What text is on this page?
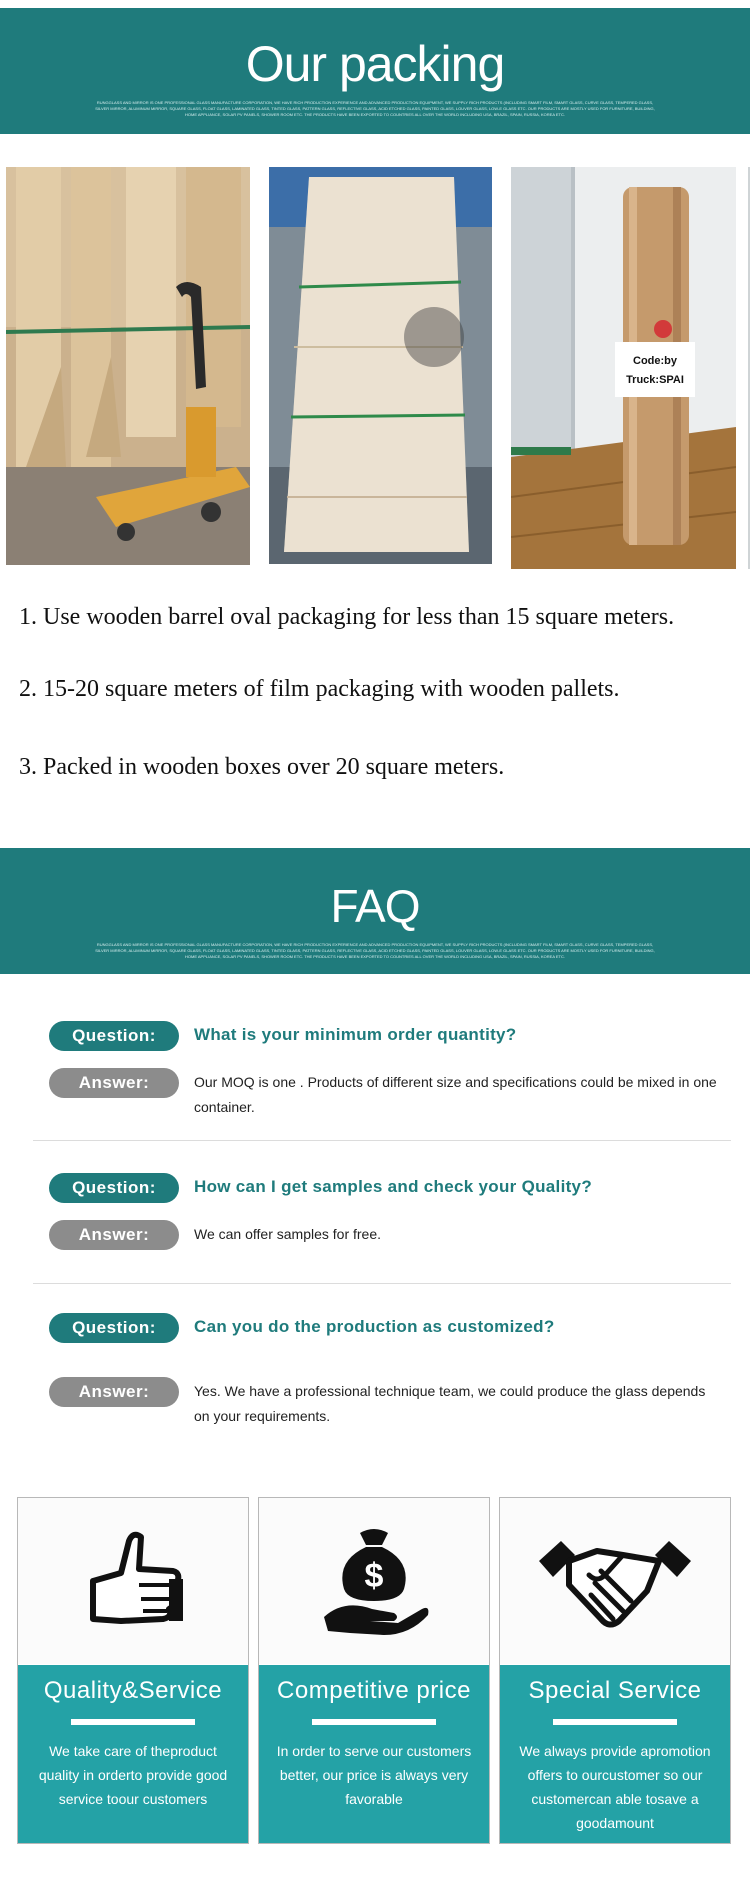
Our packing
RUNGGLASS AND MIRROR IS ONE PROFESSIONAL GLASS MANUFACTURE CORPORATION, WE HAVE RICH PRODUCTION EXPERIENCE AND ADVANCED PRODUCTION EQUIPMENT, WE SUPPLY RICH PRODUCTS (INCLUDING SMART FILM, SMART GLASS, CURVE GLASS, TEMPERED GLASS, SILVER MIRROR, ALUMINUM MIRROR, SQUARE GLASS, FLOAT GLASS, LAMINATED GLASS, TINTED GLASS, PATTERN GLASS, REFLECTIVE GLASS, ACID ETCHED GLASS, PAINTED GLASS, LOUVER GLASS, LOW-E GLASS ETC. OUR PRODUCTS ARE MOSTLY USED FOR FURNITURE, BUILDING, HOME APPLIANCE, SOLAR PV PANELS, SHOWER ROOM ETC. THE PRODUCTS HAVE BEEN EXPORTED TO COUNTRIES ALL OVER THE WORLD INCLUDING USA, BRAZIL, SPAIN, RUSSIA, KOREA ETC.
Code:by
Truck:SPAI
1. Use wooden barrel oval packaging for less than 15 square meters.
2. 15-20 square meters of film packaging with wooden pallets.
3. Packed in wooden boxes over 20 square meters.
FAQ
RUNGGLASS AND MIRROR IS ONE PROFESSIONAL GLASS MANUFACTURE CORPORATION, WE HAVE RICH PRODUCTION EXPERIENCE AND ADVANCED PRODUCTION EQUIPMENT, WE SUPPLY RICH PRODUCTS (INCLUDING SMART FILM, SMART GLASS, CURVE GLASS, TEMPERED GLASS, SILVER MIRROR, ALUMINUM MIRROR, SQUARE GLASS, FLOAT GLASS, LAMINATED GLASS, TINTED GLASS, PATTERN GLASS, REFLECTIVE GLASS, ACID ETCHED GLASS, PAINTED GLASS, LOUVER GLASS, LOW-E GLASS ETC. OUR PRODUCTS ARE MOSTLY USED FOR FURNITURE, BUILDING, HOME APPLIANCE, SOLAR PV PANELS, SHOWER ROOM ETC. THE PRODUCTS HAVE BEEN EXPORTED TO COUNTRIES ALL OVER THE WORLD INCLUDING USA, BRAZIL, SPAIN, RUSSIA, KOREA ETC.
Question:	What is your minimum order quantity?
Answer:	Our MOQ is one . Products of different size and specifications could be mixed in one container.
Question:	How can I get samples and check your Quality?
Answer:	We can offer samples for free.
Question:	Can you do the production as customized?
Answer:	Yes. We have a professional technique team, we could produce the glass depends on your requirements.
Quality&Service
We take care of theproduct quality in orderto provide good service toour customers
$
Competitive price
In order to serve our customers better, our price is always very favorable
Special Service
We always provide apromotion offers to ourcustomer so our customercan able tosave a goodamount
